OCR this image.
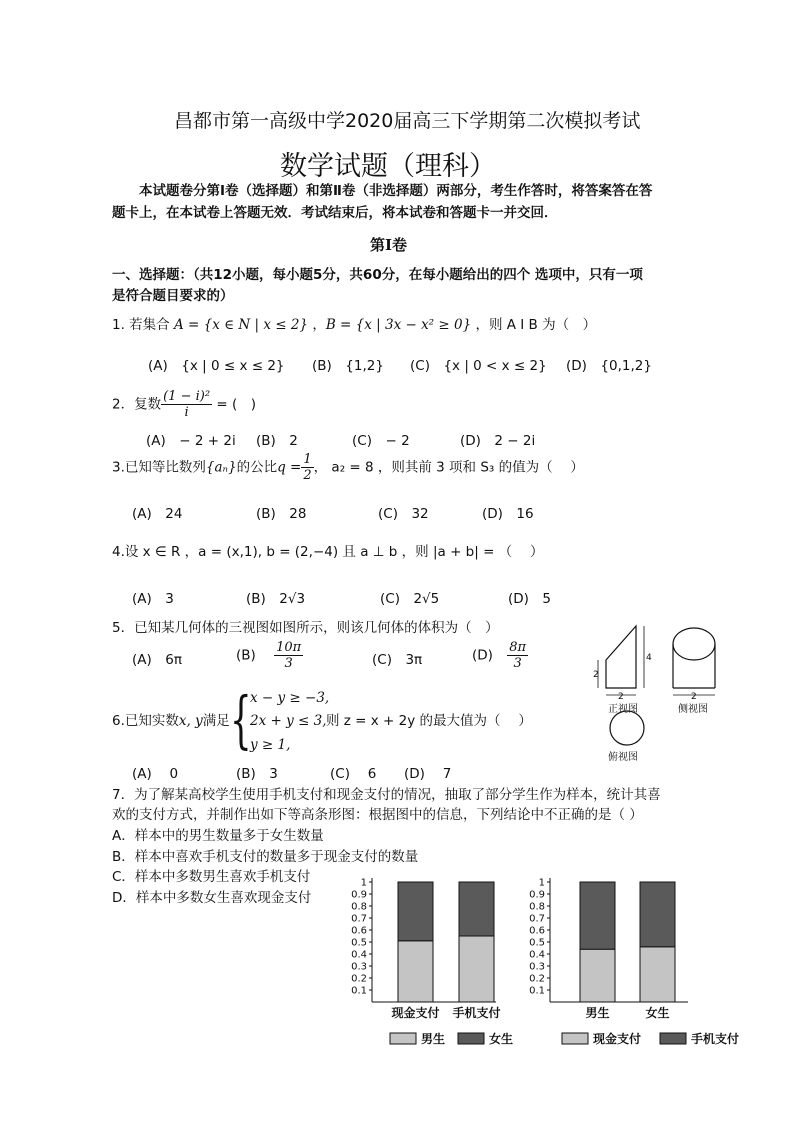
昌都市第一高级中学2020届高三下学期第二次模拟考试
数学试题（理科）
本试题卷分第Ⅰ卷（选择题）和第Ⅱ卷（非选择题）两部分，考生作答时，将答案答在答
题卡上，在本试卷上答题无效．考试结束后，将本试卷和答题卡一并交回．
第Ⅰ卷
一、选择题：（共12小题，每小题5分，共60分，在每小题给出的四个 选项中，只有一项
是符合题目要求的）
1. 若集合 A = {x ∈ N | x ≤ 2} ，B = {x | 3x − x² ≥ 0} ，则 A I B 为（　）
(A)　{x | 0 ≤ x ≤ 2} (B)　{1,2} (C)　{x | 0 < x ≤ 2} (D)　{0,1,2}
2．复数 $\frac{\text{(1 − i)²}}{i}$ = (　)
(A)　− 2 + 2i (B)　2	(C)　− 2	(D)　2 − 2i
3.已知等比数列{aₙ}的公比$q = \frac{1}{2}$ ， a₂ = 8 ，则其前 3 项和 S₃ 的值为（　 ）
(A)　24	(B)　28	(C)　32	(D)　16
4.设 x ∈ R ，a = (x,1), b = (2,−4) 且 a ⊥ b ，则 |a + b| = （　 ）
(A)　3	(B)　2√3	(C)　2√5	(D)　5
5．已知某几何体的三视图如图所示，则该几何体的体积为（　）
(A)　6π	$(B) \frac{10\pi}{3}$	(C)　3π	$(D) \frac{8\pi}{3}$
2
4
2	2
正视图	侧视图
俯视图
6.已知实数x, y满足 {
x − y ≥ −3,
2x + y ≤ 3,
y ≥ 1,
则 z = x + 2y 的最大值为（　 ）
(A)　 0	(B)　3	(C)　 6 (D)　 7
7．为了解某高校学生使用手机支付和现金支付的情况，抽取了部分学生作为样本，统计其喜
欢的支付方式，并制作出如下等高条形图：根据图中的信息，下列结论中不正确的是（ ）
A．样本中的男生数量多于女生数量
B．样本中喜欢手机支付的数量多于现金支付的数量
C．样本中多数男生喜欢手机支付
D．样本中多数女生喜欢现金支付
0.1
0.2
0.3
0.4
0.5
0.6
0.7
0.8
0.9
1
现金支付 手机支付
男生	女生
0.1
0.2
0.3
0.4
0.5
0.6
0.7
0.8
0.9
1
男生	女生
现金支付	手机支付
